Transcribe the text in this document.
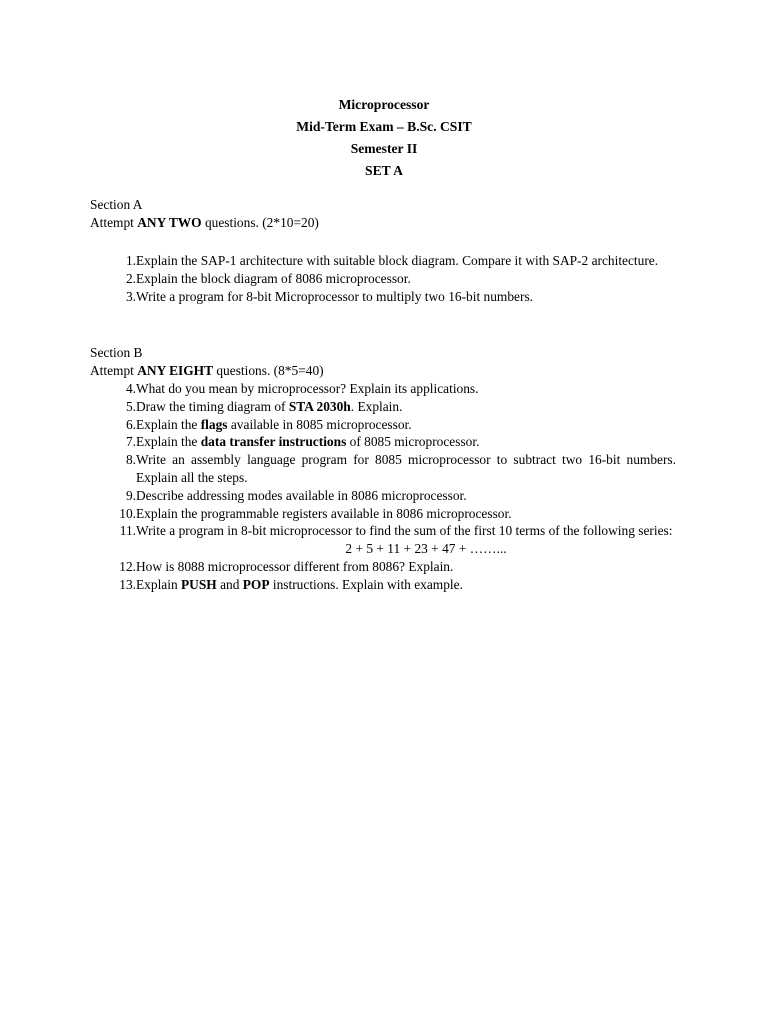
Microprocessor
Mid-Term Exam – B.Sc. CSIT
Semester II
SET A

Section A

Attempt ANY TWO questions. (2*10=20)

1. Explain the SAP-1 architecture with suitable block diagram. Compare it with SAP-2 architecture.
2. Explain the block diagram of 8086 microprocessor.
3. Write a program for 8-bit Microprocessor to multiply two 16-bit numbers.

Section B

Attempt ANY EIGHT questions. (8*5=40)

4. What do you mean by microprocessor? Explain its applications.
5. Draw the timing diagram of STA 2030h. Explain.
6. Explain the flags available in 8085 microprocessor.
7. Explain the data transfer instructions of 8085 microprocessor.
8. Write an assembly language program for 8085 microprocessor to subtract two 16-bit numbers. Explain all the steps.
9. Describe addressing modes available in 8086 microprocessor.
10. Explain the programmable registers available in 8086 microprocessor.
11. Write a program in 8-bit microprocessor to find the sum of the first 10 terms of the following series:
2 + 5 + 11 + 23 + 47 + ……...
12. How is 8088 microprocessor different from 8086? Explain.
13. Explain PUSH and POP instructions. Explain with example.
